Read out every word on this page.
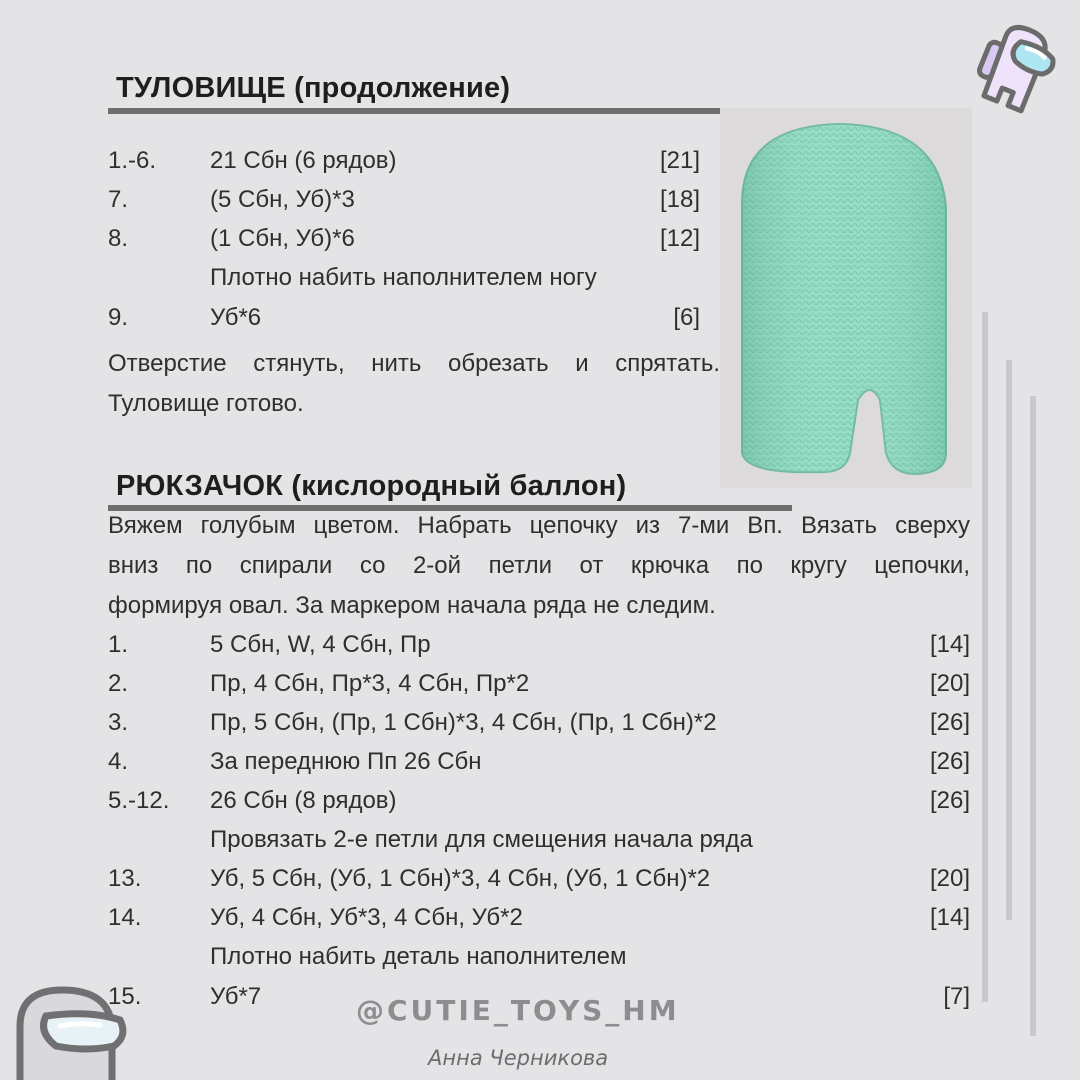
ТУЛОВИЩЕ (продолжение)
1.-6. 21 Сбн (6 рядов)	[21]
7.	(5 Сбн, Уб)*3	[18]
8.	(1 Сбн, Уб)*6	[12]
Плотно набить наполнителем ногу
9.	Уб*6	[6]
Отверстие стянуть, нить обрезать и спрятать.
Туловище готово.
РЮКЗАЧОК (кислородный баллон)
Вяжем голубым цветом. Набрать цепочку из 7-ми Вп. Вязать сверху
вниз по спирали со 2-ой петли от крючка по кругу цепочки,
формируя овал. За маркером начала ряда не следим.
1.	5 Сбн, W, 4 Сбн, Пр	[14]
2.	Пр, 4 Сбн, Пр*3, 4 Сбн, Пр*2	[20]
3.	Пр, 5 Сбн, (Пр, 1 Сбн)*3, 4 Сбн, (Пр, 1 Сбн)*2	[26]
4.	За переднюю Пп 26 Сбн	[26]
5.-12. 26 Сбн (8 рядов)	[26]
Провязать 2-е петли для смещения начала ряда
13.	Уб, 5 Сбн, (Уб, 1 Сбн)*3, 4 Сбн, (Уб, 1 Сбн)*2	[20]
14.	Уб, 4 Сбн, Уб*3, 4 Сбн, Уб*2	[14]
Плотно набить деталь наполнителем
15.	Уб*7	[7]
@CUTIE_TOYS_HM
Анна Черникова
